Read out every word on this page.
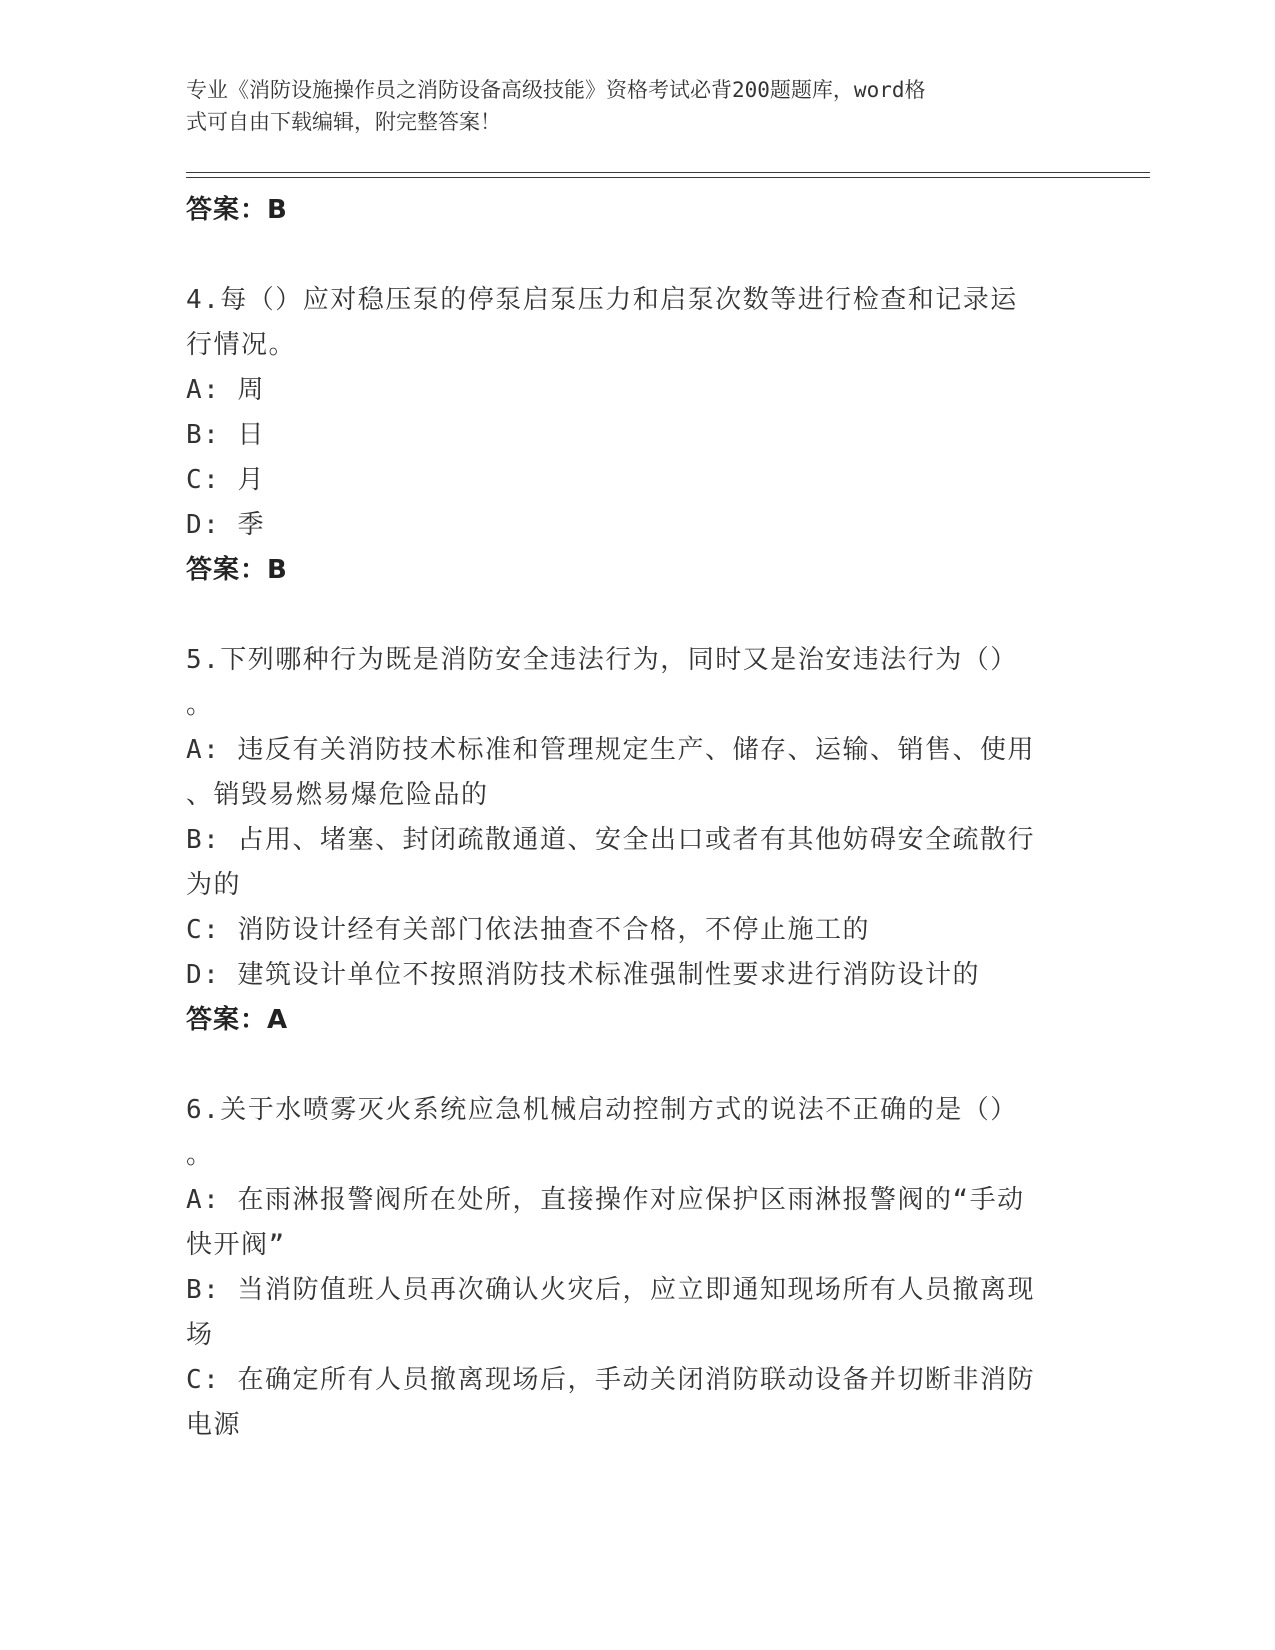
专业《消防设施操作员之消防设备高级技能》资格考试必背200题题库，word格
式可自由下载编辑，附完整答案！
答案：B
4.每（）应对稳压泵的停泵启泵压力和启泵次数等进行检查和记录运
行情况。
A: 周
B: 日
C: 月
D: 季
答案：B
5.下列哪种行为既是消防安全违法行为，同时又是治安违法行为（）
。
A: 违反有关消防技术标准和管理规定生产、储存、运输、销售、使用
、销毁易燃易爆危险品的
B: 占用、堵塞、封闭疏散通道、安全出口或者有其他妨碍安全疏散行
为的
C: 消防设计经有关部门依法抽查不合格，不停止施工的
D: 建筑设计单位不按照消防技术标准强制性要求进行消防设计的
答案：A
6.关于水喷雾灭火系统应急机械启动控制方式的说法不正确的是（）
。
A: 在雨淋报警阀所在处所，直接操作对应保护区雨淋报警阀的“手动
快开阀”
B: 当消防值班人员再次确认火灾后，应立即通知现场所有人员撤离现
场
C: 在确定所有人员撤离现场后，手动关闭消防联动设备并切断非消防
电源
